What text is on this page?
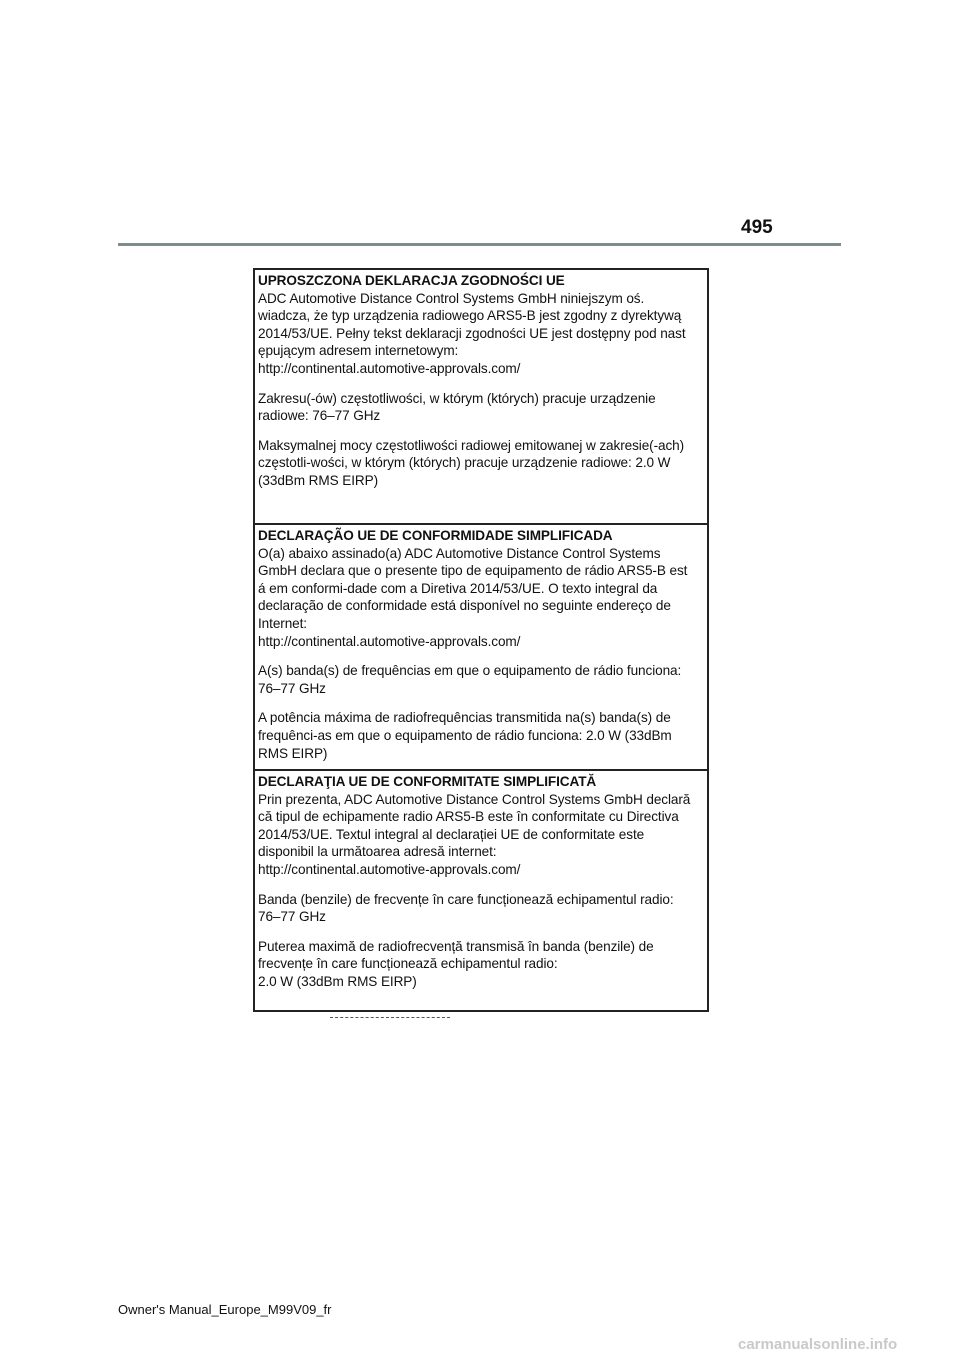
495
UPROSZCZONA DEKLARACJA ZGODNOŚCI UE
ADC Automotive Distance Control Systems GmbH niniejszym oś.
wiadcza, że typ urządzenia radiowego ARS5-B jest zgodny z dyrektywą
2014/53/UE. Pełny tekst deklaracji zgodności UE jest dostępny pod nast
ępującym adresem internetowym:
http://continental.automotive-approvals.com/
Zakresu(-ów) częstotliwości, w którym (których) pracuje urządzenie
radiowe: 76–77 GHz
Maksymalnej mocy częstotliwości radiowej emitowanej w zakresie(-ach)
częstotli-wości, w którym (których) pracuje urządzenie radiowe: 2.0 W
(33dBm RMS EIRP)
DECLARAÇÃO UE DE CONFORMIDADE SIMPLIFICADA
O(a) abaixo assinado(a) ADC Automotive Distance Control Systems
GmbH declara que o presente tipo de equipamento de rádio ARS5-B est
á em conformi-dade com a Diretiva 2014/53/UE. O texto integral da
declaração de conformidade está disponível no seguinte endereço de
Internet:
http://continental.automotive-approvals.com/
A(s) banda(s) de frequências em que o equipamento de rádio funciona:
76–77 GHz
A potência máxima de radiofrequências transmitida na(s) banda(s) de
frequênci-as em que o equipamento de rádio funciona: 2.0 W (33dBm
RMS EIRP)
DECLARAŢIA UE DE CONFORMITATE SIMPLIFICATĂ
Prin prezenta, ADC Automotive Distance Control Systems GmbH declară
că tipul de echipamente radio ARS5-B este în conformitate cu Directiva
2014/53/UE. Textul integral al declarației UE de conformitate este
disponibil la următoarea adresă internet:
http://continental.automotive-approvals.com/
Banda (benzile) de frecvențe în care funcționează echipamentul radio:
76–77 GHz
Puterea maximă de radiofrecvență transmisă în banda (benzile) de
frecvențe în care funcționează echipamentul radio:
2.0 W (33dBm RMS EIRP)
Owner's Manual_Europe_M99V09_fr
carmanualsonline.info
